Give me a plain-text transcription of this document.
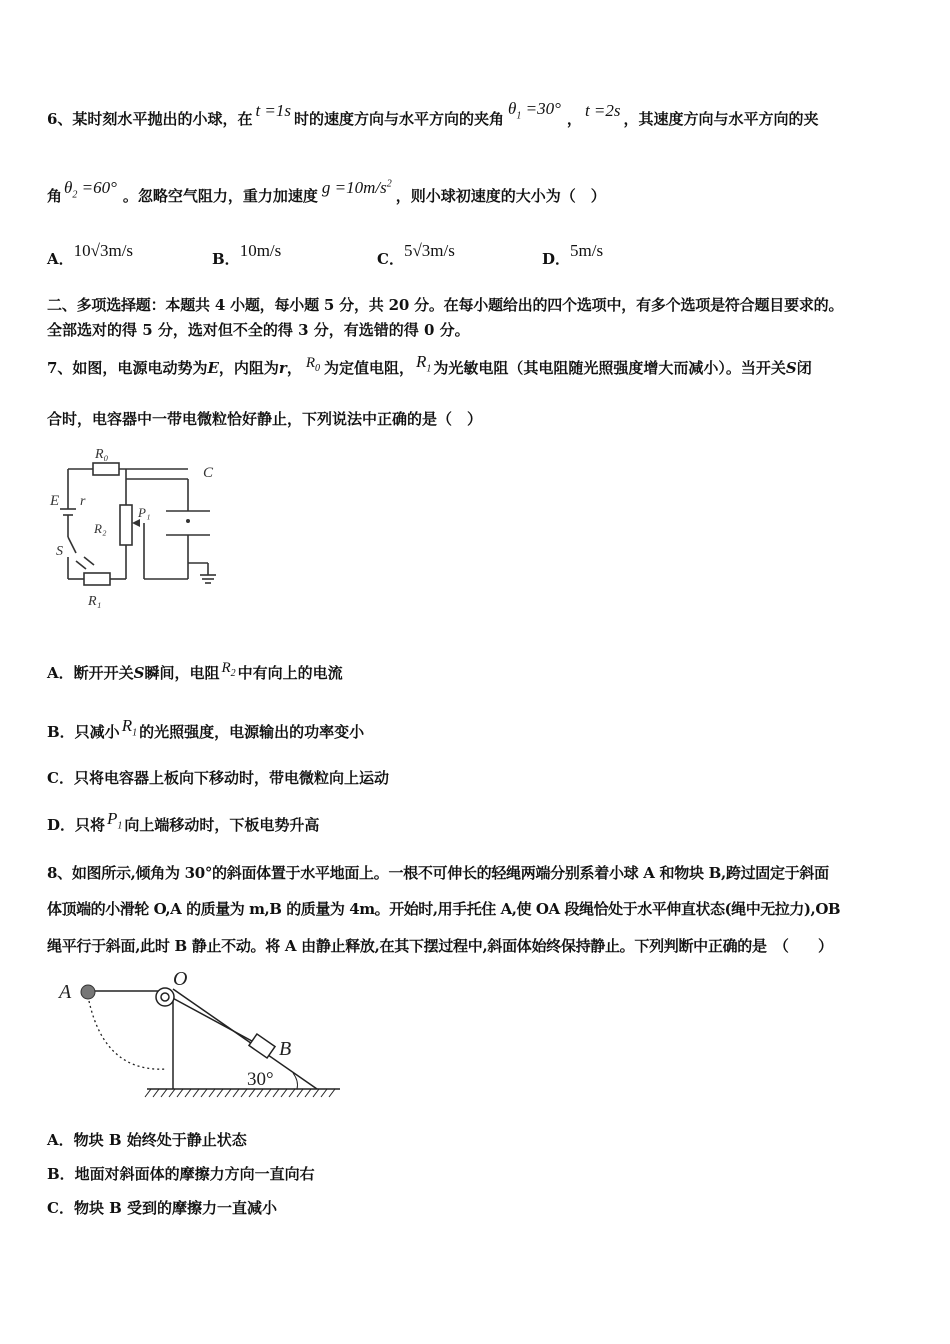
6、某时刻水平抛出的小球，在 t =1s 时的速度方向与水平方向的夹角$\theta_1 =30^\circ$， t =2s ，其速度方向与水平方向的夹
角 $\theta_2 =60^\circ$ 。忽略空气阻力，重力加速度 $g =10m/s^2$，则小球初速度的大小为（　）
A．10√3m/s	B．10m/s	C．5√3m/s	D．5m/s
二、多项选择题：本题共 4 小题，每小题 5 分，共 20 分。在每小题给出的四个选项中，有多个选项是符合题目要求的。
全部选对的得 5 分，选对但不全的得 3 分，有选错的得 0 分。
7、如图，电源电动势为E，内阻为r， $R_0$ 为定值电阻， $R_1$ 为光敏电阻（其电阻随光照强度增大而减小）。当开关S闭
合时，电容器中一带电微粒恰好静止，下列说法中正确的是（　）
R₀
C
E r
R₂
P₁
S
R₁
A．断开开关S瞬间，电阻 $R_2$ 中有向上的电流
B．只减小 $R_1$ 的光照强度，电源输出的功率变小
C．只将电容器上板向下移动时，带电微粒向上运动
D．只将 $P_1$ 向上端移动时，下板电势升高
8、如图所示,倾角为 30°的斜面体置于水平地面上。一根不可伸长的轻绳两端分别系着小球 A 和物块 B,跨过固定于斜面
体顶端的小滑轮 O,A 的质量为 m,B 的质量为 4m。开始时,用手托住 A,使 OA 段绳恰处于水平伸直状态(绳中无拉力),OB
绳平行于斜面,此时 B 静止不动。将 A 由静止释放,在其下摆过程中,斜面体始终保持静止。下列判断中正确的是　（　　）
A
O
B
30°
A．物块 B 始终处于静止状态
B．地面对斜面体的摩擦力方向一直向右
C．物块 B 受到的摩擦力一直减小
